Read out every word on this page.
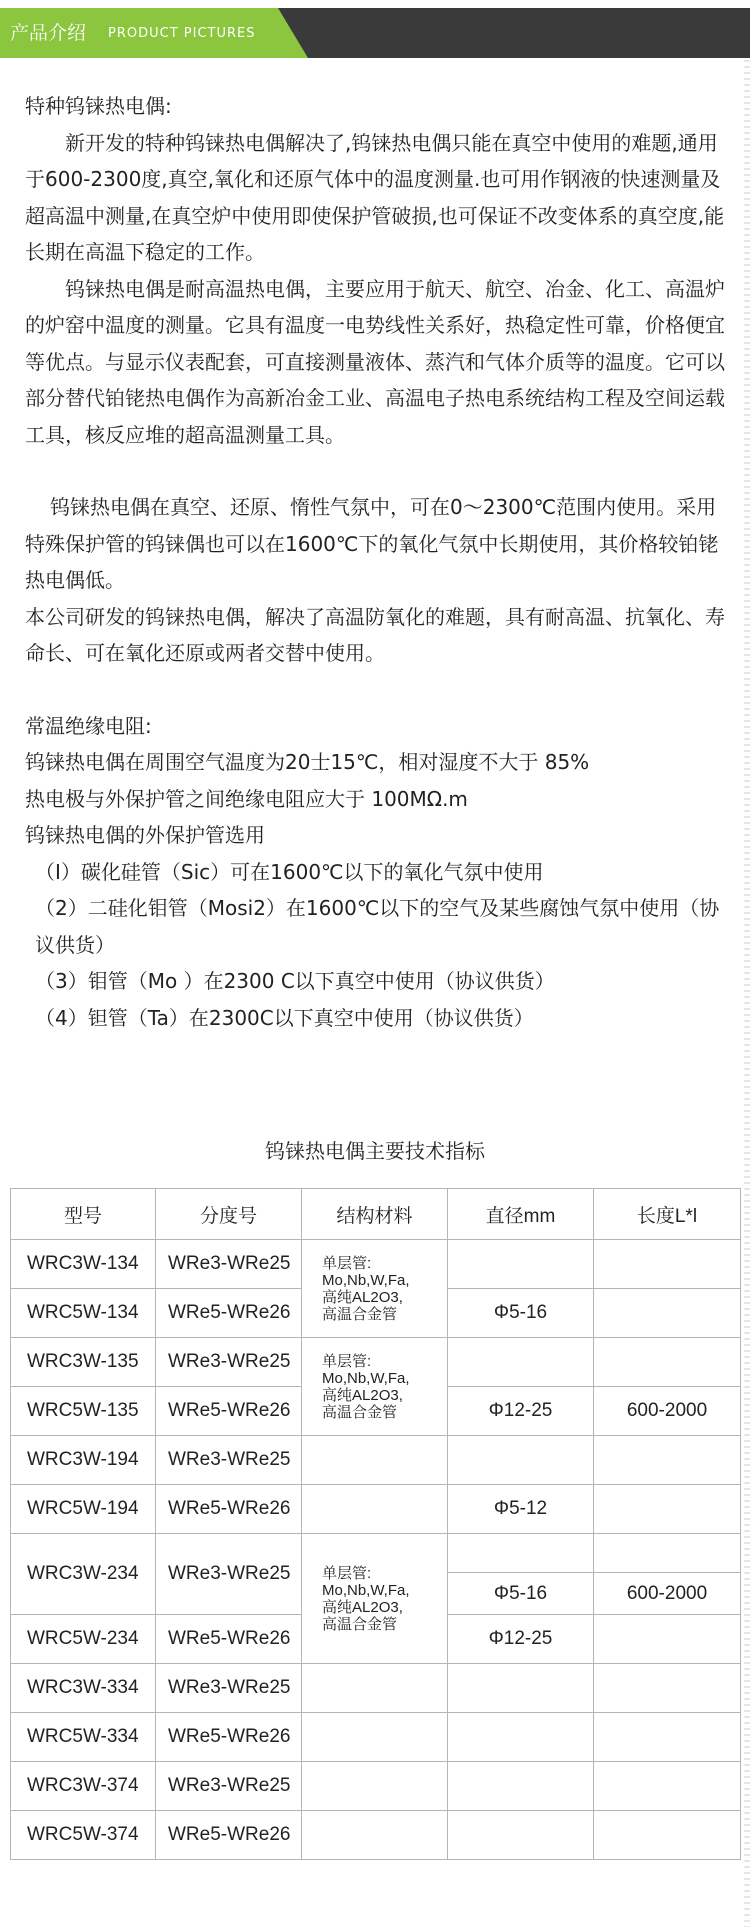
产品介绍 PRODUCT PICTURES

特种钨铼热电偶:

新开发的特种钨铼热电偶解决了,钨铼热电偶只能在真空中使用的难题,通用于600-2300度,真空,氧化和还原气体中的温度测量.也可用作钢液的快速测量及超高温中测量,在真空炉中使用即使保护管破损,也可保证不改变体系的真空度,能长期在高温下稳定的工作。

钨铼热电偶是耐高温热电偶，主要应用于航天、航空、冶金、化工、高温炉的炉窑中温度的测量。它具有温度一电势线性关系好，热稳定性可靠，价格便宜等优点。与显示仪表配套，可直接测量液体、蒸汽和气体介质等的温度。它可以部分替代铂铑热电偶作为高新冶金工业、高温电子热电系统结构工程及空间运载工具，核反应堆的超高温测量工具。

钨铼热电偶在真空、还原、惰性气氛中，可在0～2300℃范围内使用。采用特殊保护管的钨铼偶也可以在1600℃下的氧化气氛中长期使用，其价格较铂铑热电偶低。

本公司研发的钨铼热电偶，解决了高温防氧化的难题，具有耐高温、抗氧化、寿命长、可在氧化还原或两者交替中使用。

常温绝缘电阻:

钨铼热电偶在周围空气温度为20士15℃，相对湿度不大于 85%

热电极与外保护管之间绝缘电阻应大于 100MΩ.m

钨铼热电偶的外保护管选用

（I）碳化硅管（Sic）可在1600℃以下的氧化气氛中使用

（2）二硅化钼管（Mosi2）在1600℃以下的空气及某些腐蚀气氛中使用（协议供货）

（3）钼管（Mo ）在2300 C以下真空中使用（协议供货）

（4）钽管（Ta）在2300C以下真空中使用（协议供货）

钨铼热电偶主要技术指标
型号	分度号	结构材料	直径mm	长度L*l
WRC3W-134	WRe3-WRe25	单层管:
Mo,Nb,W,Fa,
高纯AL2O3,
高温合金管		

WRC5W-134	WRe5-WRe26		Φ5-16	
WRC3W-135	WRe3-WRe25	单层管:
Mo,Nb,W,Fa,
高纯AL2O3,
高温合金管		

WRC5W-135	WRe5-WRe26		Φ12-25	600-2000
WRC3W-194	WRe3-WRe25			
WRC5W-194	WRe5-WRe26		Φ5-12	
WRC3W-234	WRe3-WRe25	单层管:
Mo,Nb,W,Fa,
高纯AL2O3,
高温合金管		

			Φ5-16	600-2000
WRC5W-234	WRe5-WRe26		Φ12-25	
WRC3W-334	WRe3-WRe25			
WRC5W-334	WRe5-WRe26			
WRC3W-374	WRe3-WRe25			
WRC5W-374	WRe5-WRe26			
